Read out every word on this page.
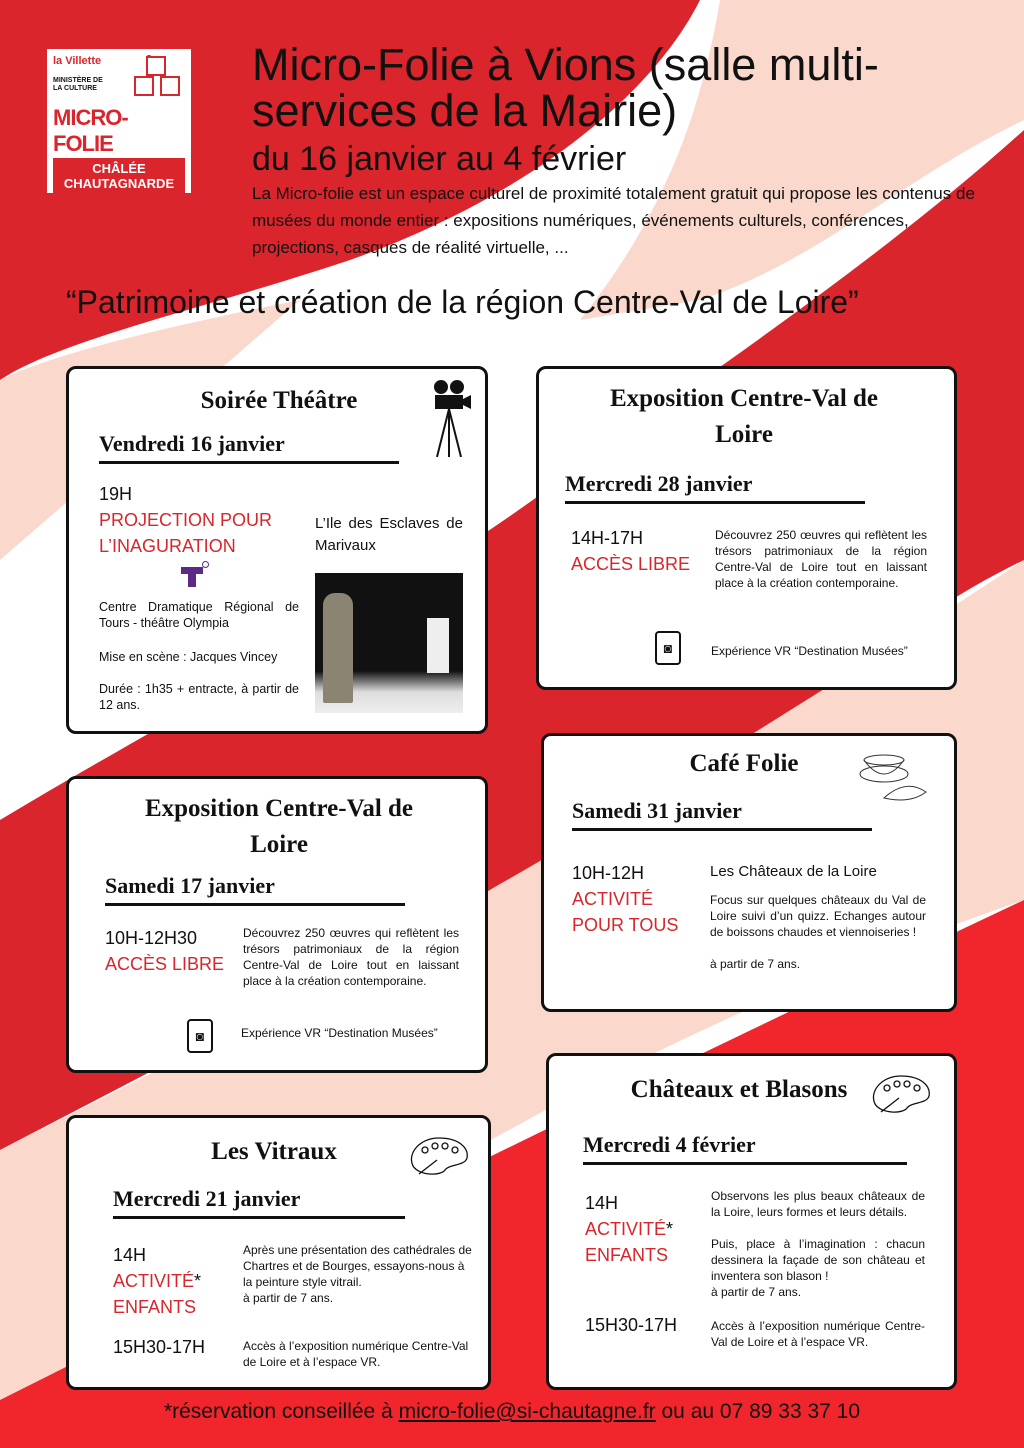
la Villette
MINISTÈRE DE LA CULTURE
MICRO-FOLIE
CHÂLÉE CHAUTAGNARDE
Micro-Folie à Vions (salle multi-services de la Mairie)
du 16 janvier au 4 février
La Micro-folie est un espace culturel de proximité totalement gratuit qui propose les contenus de musées du monde entier : expositions numériques, événements culturels, conférences, projections, casques de réalité virtuelle, ...
“Patrimoine et création de la région Centre-Val de Loire”
Soirée Théâtre
Vendredi 16 janvier
19H
PROJECTION POUR L’INAGURATION
Centre Dramatique Régional de Tours - théâtre Olympia
Mise en scène : Jacques Vincey
Durée : 1h35 + entracte, à partir de 12 ans.
L’Ile des Esclaves de Marivaux
Exposition Centre-Val de Loire
Mercredi 28 janvier
14H-17H
ACCÈS LIBRE
Découvrez 250 œuvres qui reflètent les trésors patrimoniaux de la région Centre-Val de Loire tout en laissant place à la création contemporaine.
◙	Expérience VR “Destination Musées”
Exposition Centre-Val de Loire
Samedi 17 janvier
10H-12H30
ACCÈS LIBRE
Découvrez 250 œuvres qui reflètent les trésors patrimoniaux de la région Centre-Val de Loire tout en laissant place à la création contemporaine.
◙	Expérience VR “Destination Musées”
Café Folie
Samedi 31 janvier
10H-12H
ACTIVITÉ POUR TOUS
Les Châteaux de la Loire
Focus sur quelques châteaux du Val de Loire suivi d’un quizz. Echanges autour de boissons chaudes et viennoiseries !
à partir de 7 ans.
Les Vitraux
Mercredi 21 janvier
14H
ACTIVITÉ*
ENFANTS
Après une présentation des cathédrales de Chartres et de Bourges, essayons-nous à la peinture style vitrail.
à partir de 7 ans.
15H30-17H	Accès à l’exposition numérique Centre-Val de Loire et à l’espace VR.
Châteaux et Blasons
Mercredi 4 février
14H
ACTIVITÉ*
ENFANTS
Observons les plus beaux châteaux de la Loire, leurs formes et leurs détails.
Puis, place à l’imagination : chacun dessinera la façade de son château et inventera son blason !
à partir de 7 ans.
15H30-17H	Accès à l’exposition numérique Centre-Val de Loire et à l’espace VR.
*réservation conseillée à micro-folie@si-chautagne.fr ou au 07 89 33 37 10
